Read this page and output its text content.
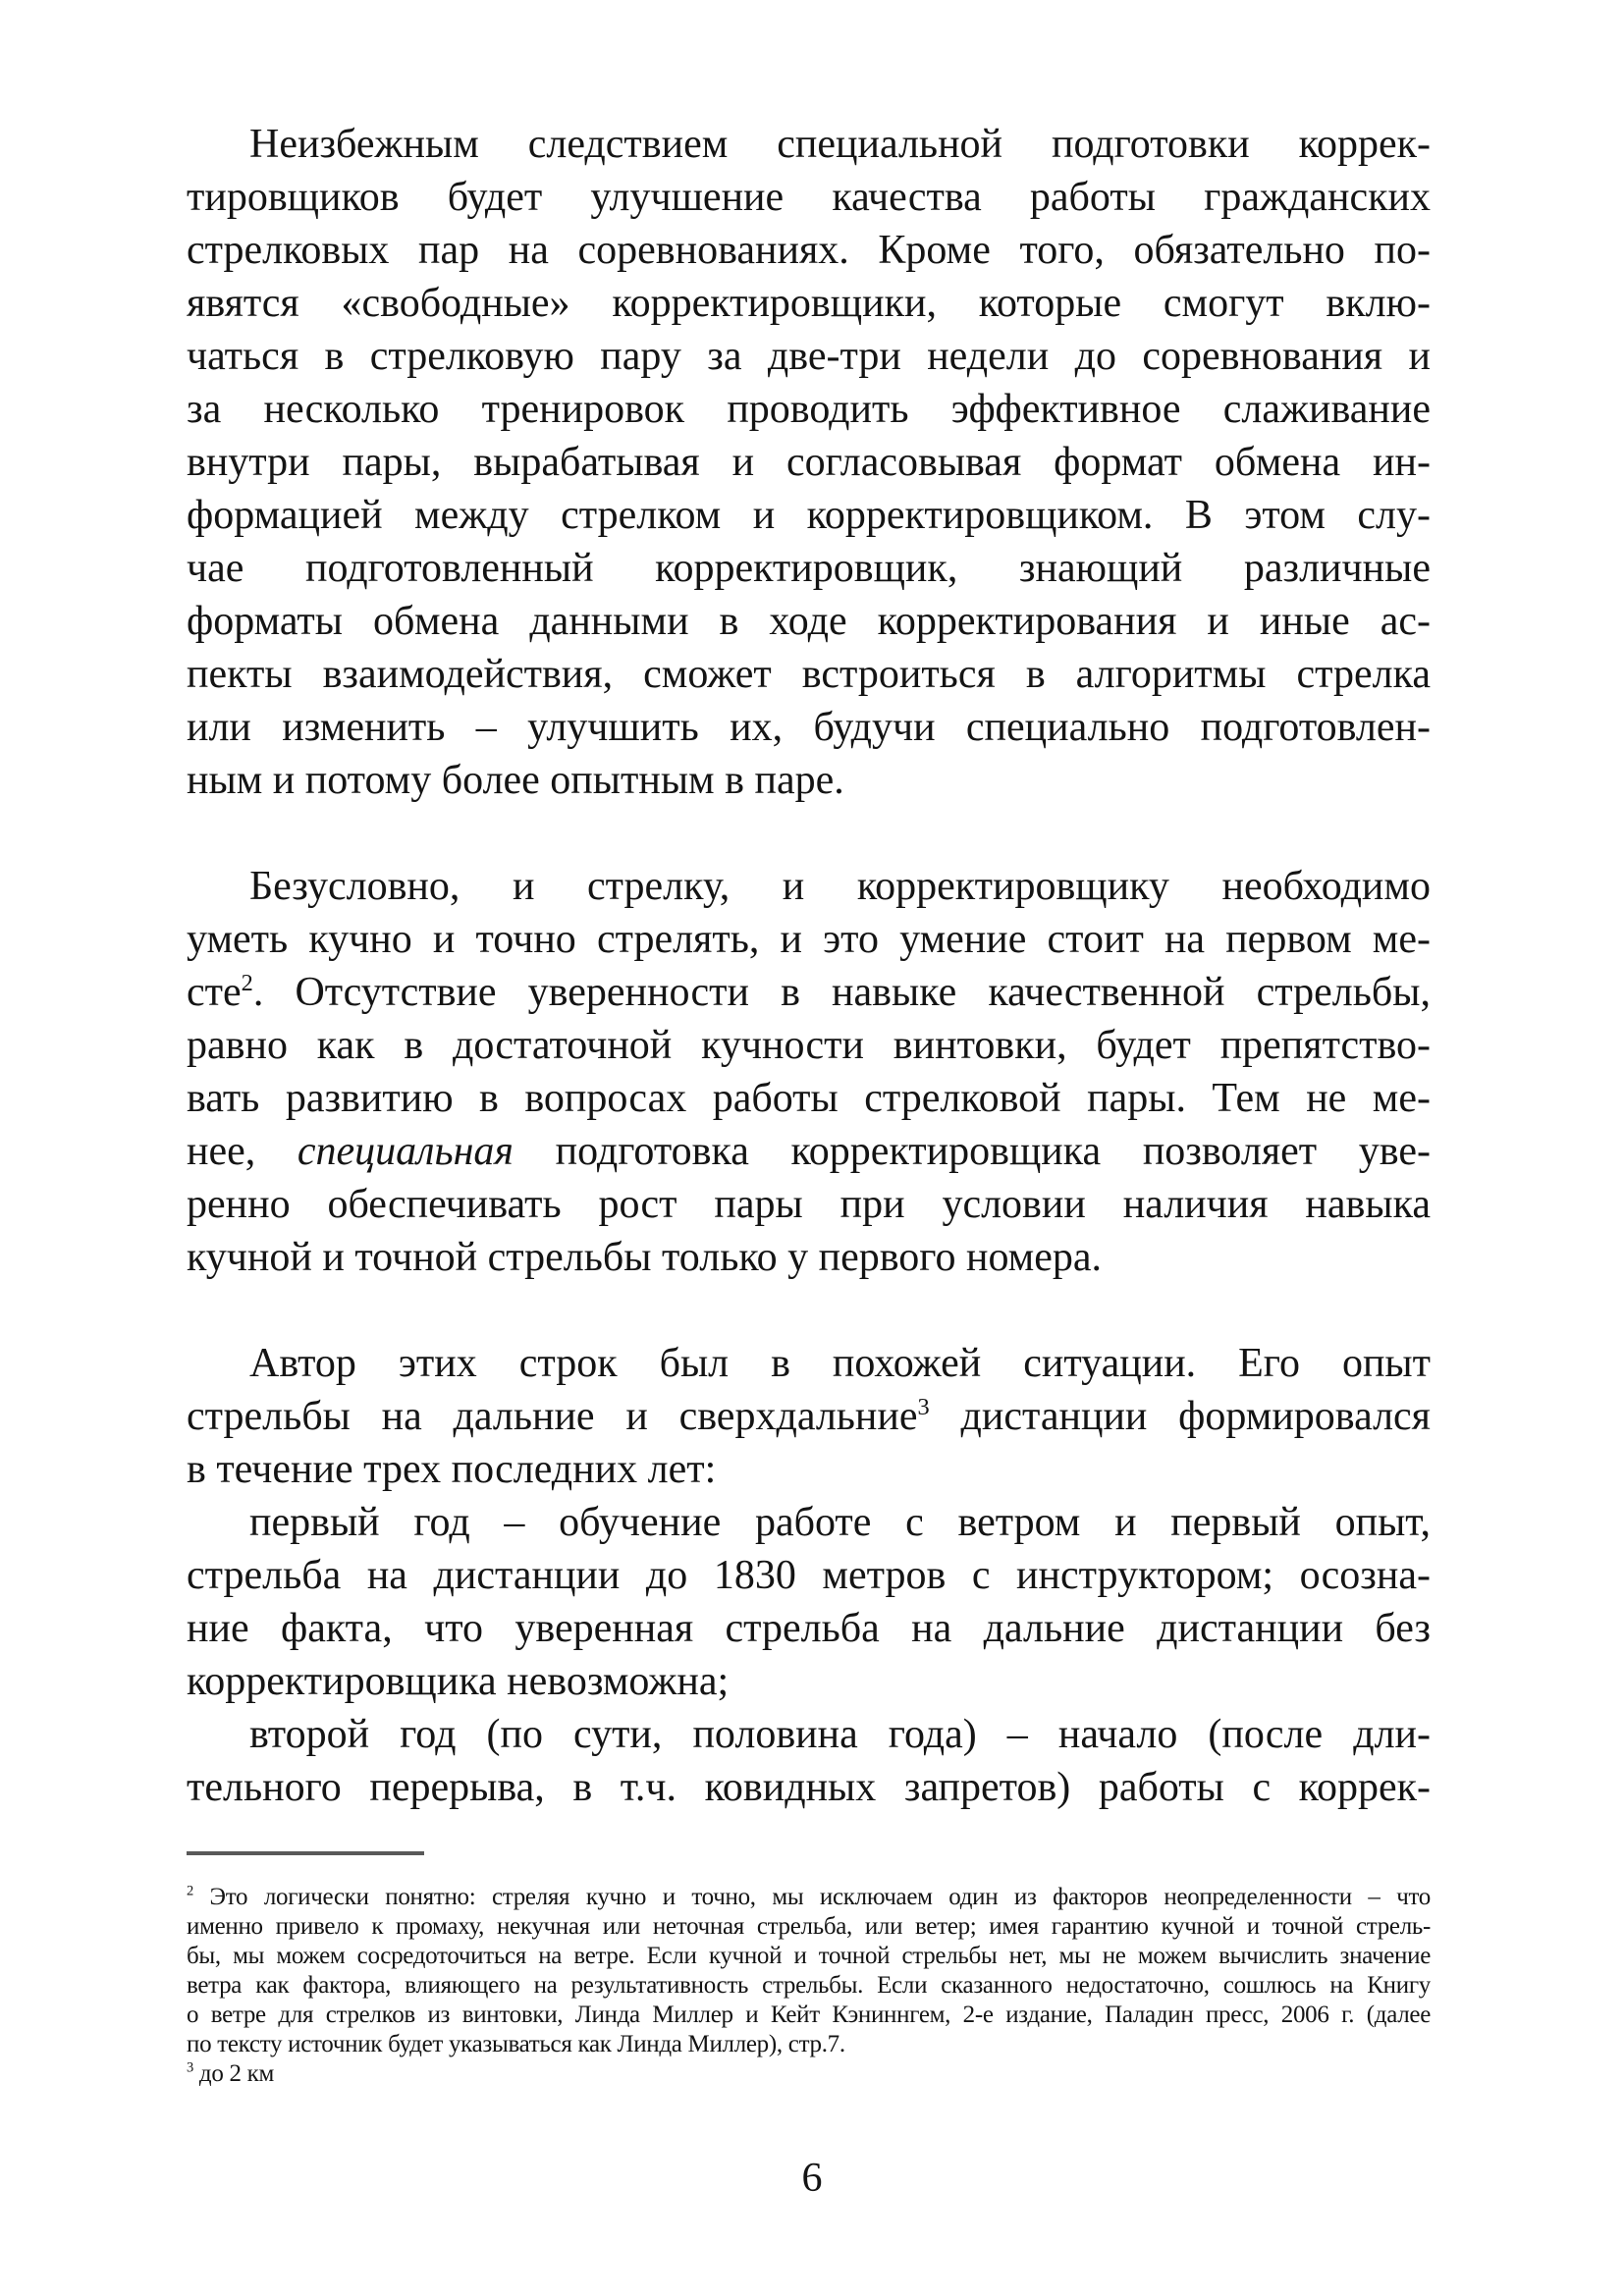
Неизбежным следствием специальной подготовки коррек-
тировщиков будет улучшение качества работы гражданских
стрелковых пар на соревнованиях. Кроме того, обязательно по-
явятся «свободные» корректировщики, которые смогут вклю-
чаться в стрелковую пару за две-три недели до соревнования и
за несколько тренировок проводить эффективное слаживание
внутри пары, вырабатывая и согласовывая формат обмена ин-
формацией между стрелком и корректировщиком. В этом слу-
чае подготовленный корректировщик, знающий различные
форматы обмена данными в ходе корректирования и иные ас-
пекты взаимодействия, сможет встроиться в алгоритмы стрелка
или изменить – улучшить их, будучи специально подготовлен-
ным и потому более опытным в паре.
Безусловно, и стрелку, и корректировщику необходимо
уметь кучно и точно стрелять, и это умение стоит на первом ме-
сте$^2$. Отсутствие уверенности в навыке качественной стрельбы,
равно как в достаточной кучности винтовки, будет препятство-
вать развитию в вопросах работы стрелковой пары. Тем не ме-
нее, специальная подготовка корректировщика позволяет уве-
ренно обеспечивать рост пары при условии наличия навыка
кучной и точной стрельбы только у первого номера.
Автор этих строк был в похожей ситуации. Его опыт
стрельбы на дальние и сверхдальние$^3$ дистанции формировался
в течение трех последних лет:
первый год – обучение работе с ветром и первый опыт,
стрельба на дистанции до 1830 метров с инструктором; осозна-
ние факта, что уверенная стрельба на дальние дистанции без
корректировщика невозможна;
второй год (по сути, половина года) – начало (после дли-
тельного перерыва, в т.ч. ковидных запретов) работы с коррек-
$^2$ Это логически понятно: стреляя кучно и точно, мы исключаем один из факторов неопределенности – что
именно привело к промаху, некучная или неточная стрельба, или ветер; имея гарантию кучной и точной стрель-
бы, мы можем сосредоточиться на ветре. Если кучной и точной стрельбы нет, мы не можем вычислить значение
ветра как фактора, влияющего на результативность стрельбы. Если сказанного недостаточно, сошлюсь на Книгу
о ветре для стрелков из винтовки, Линда Миллер и Кейт Кэниннгем, 2-е издание, Паладин пресс, 2006 г. (далее
по тексту источник будет указываться как Линда Миллер), стр.7.
$^3$ до 2 км
6
